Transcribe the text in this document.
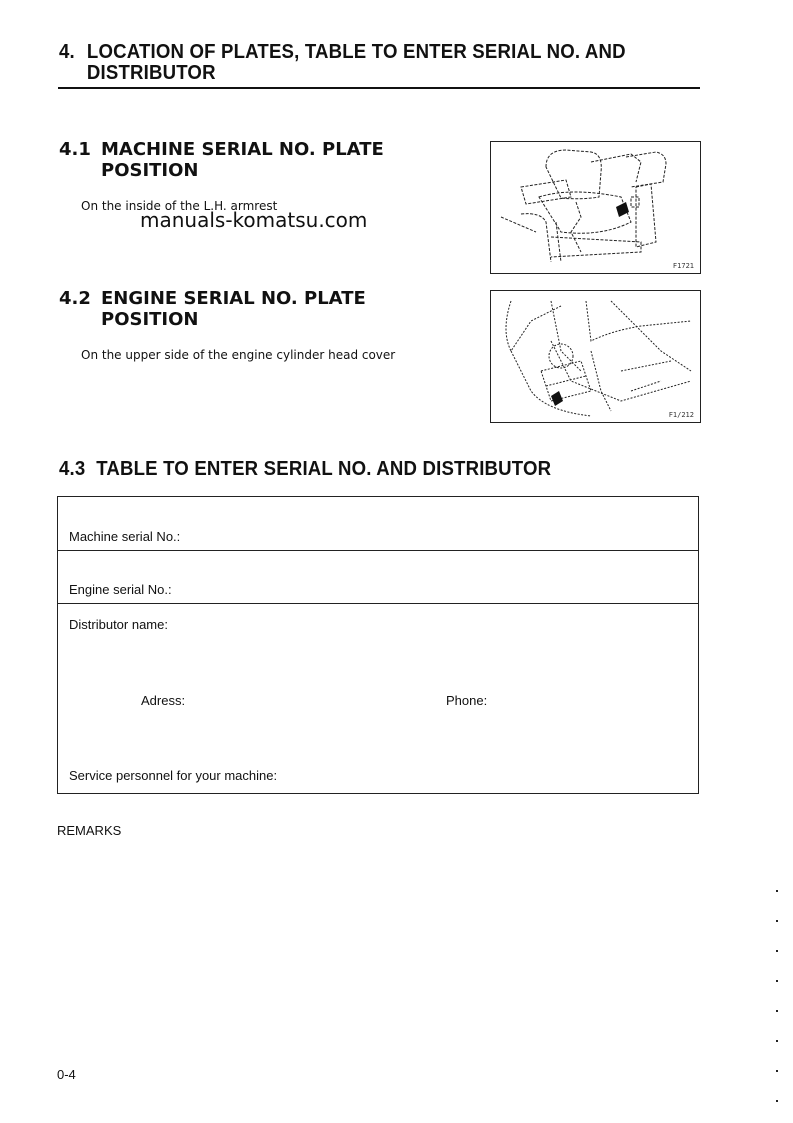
4. LOCATION OF PLATES, TABLE TO ENTER SERIAL NO. AND
DISTRIBUTOR
4.1 MACHINE SERIAL NO. PLATE
POSITION
On the inside of the L.H. armrest
manuals-komatsu.com
F1721
4.2 ENGINE SERIAL NO. PLATE
POSITION
On the upper side of the engine cylinder head cover
F1/212
4.3 TABLE TO ENTER SERIAL NO. AND DISTRIBUTOR
Machine serial No.:
Engine serial No.:
Distributor name:
Adress:	Phone:
Service personnel for your machine:
REMARKS
0-4
